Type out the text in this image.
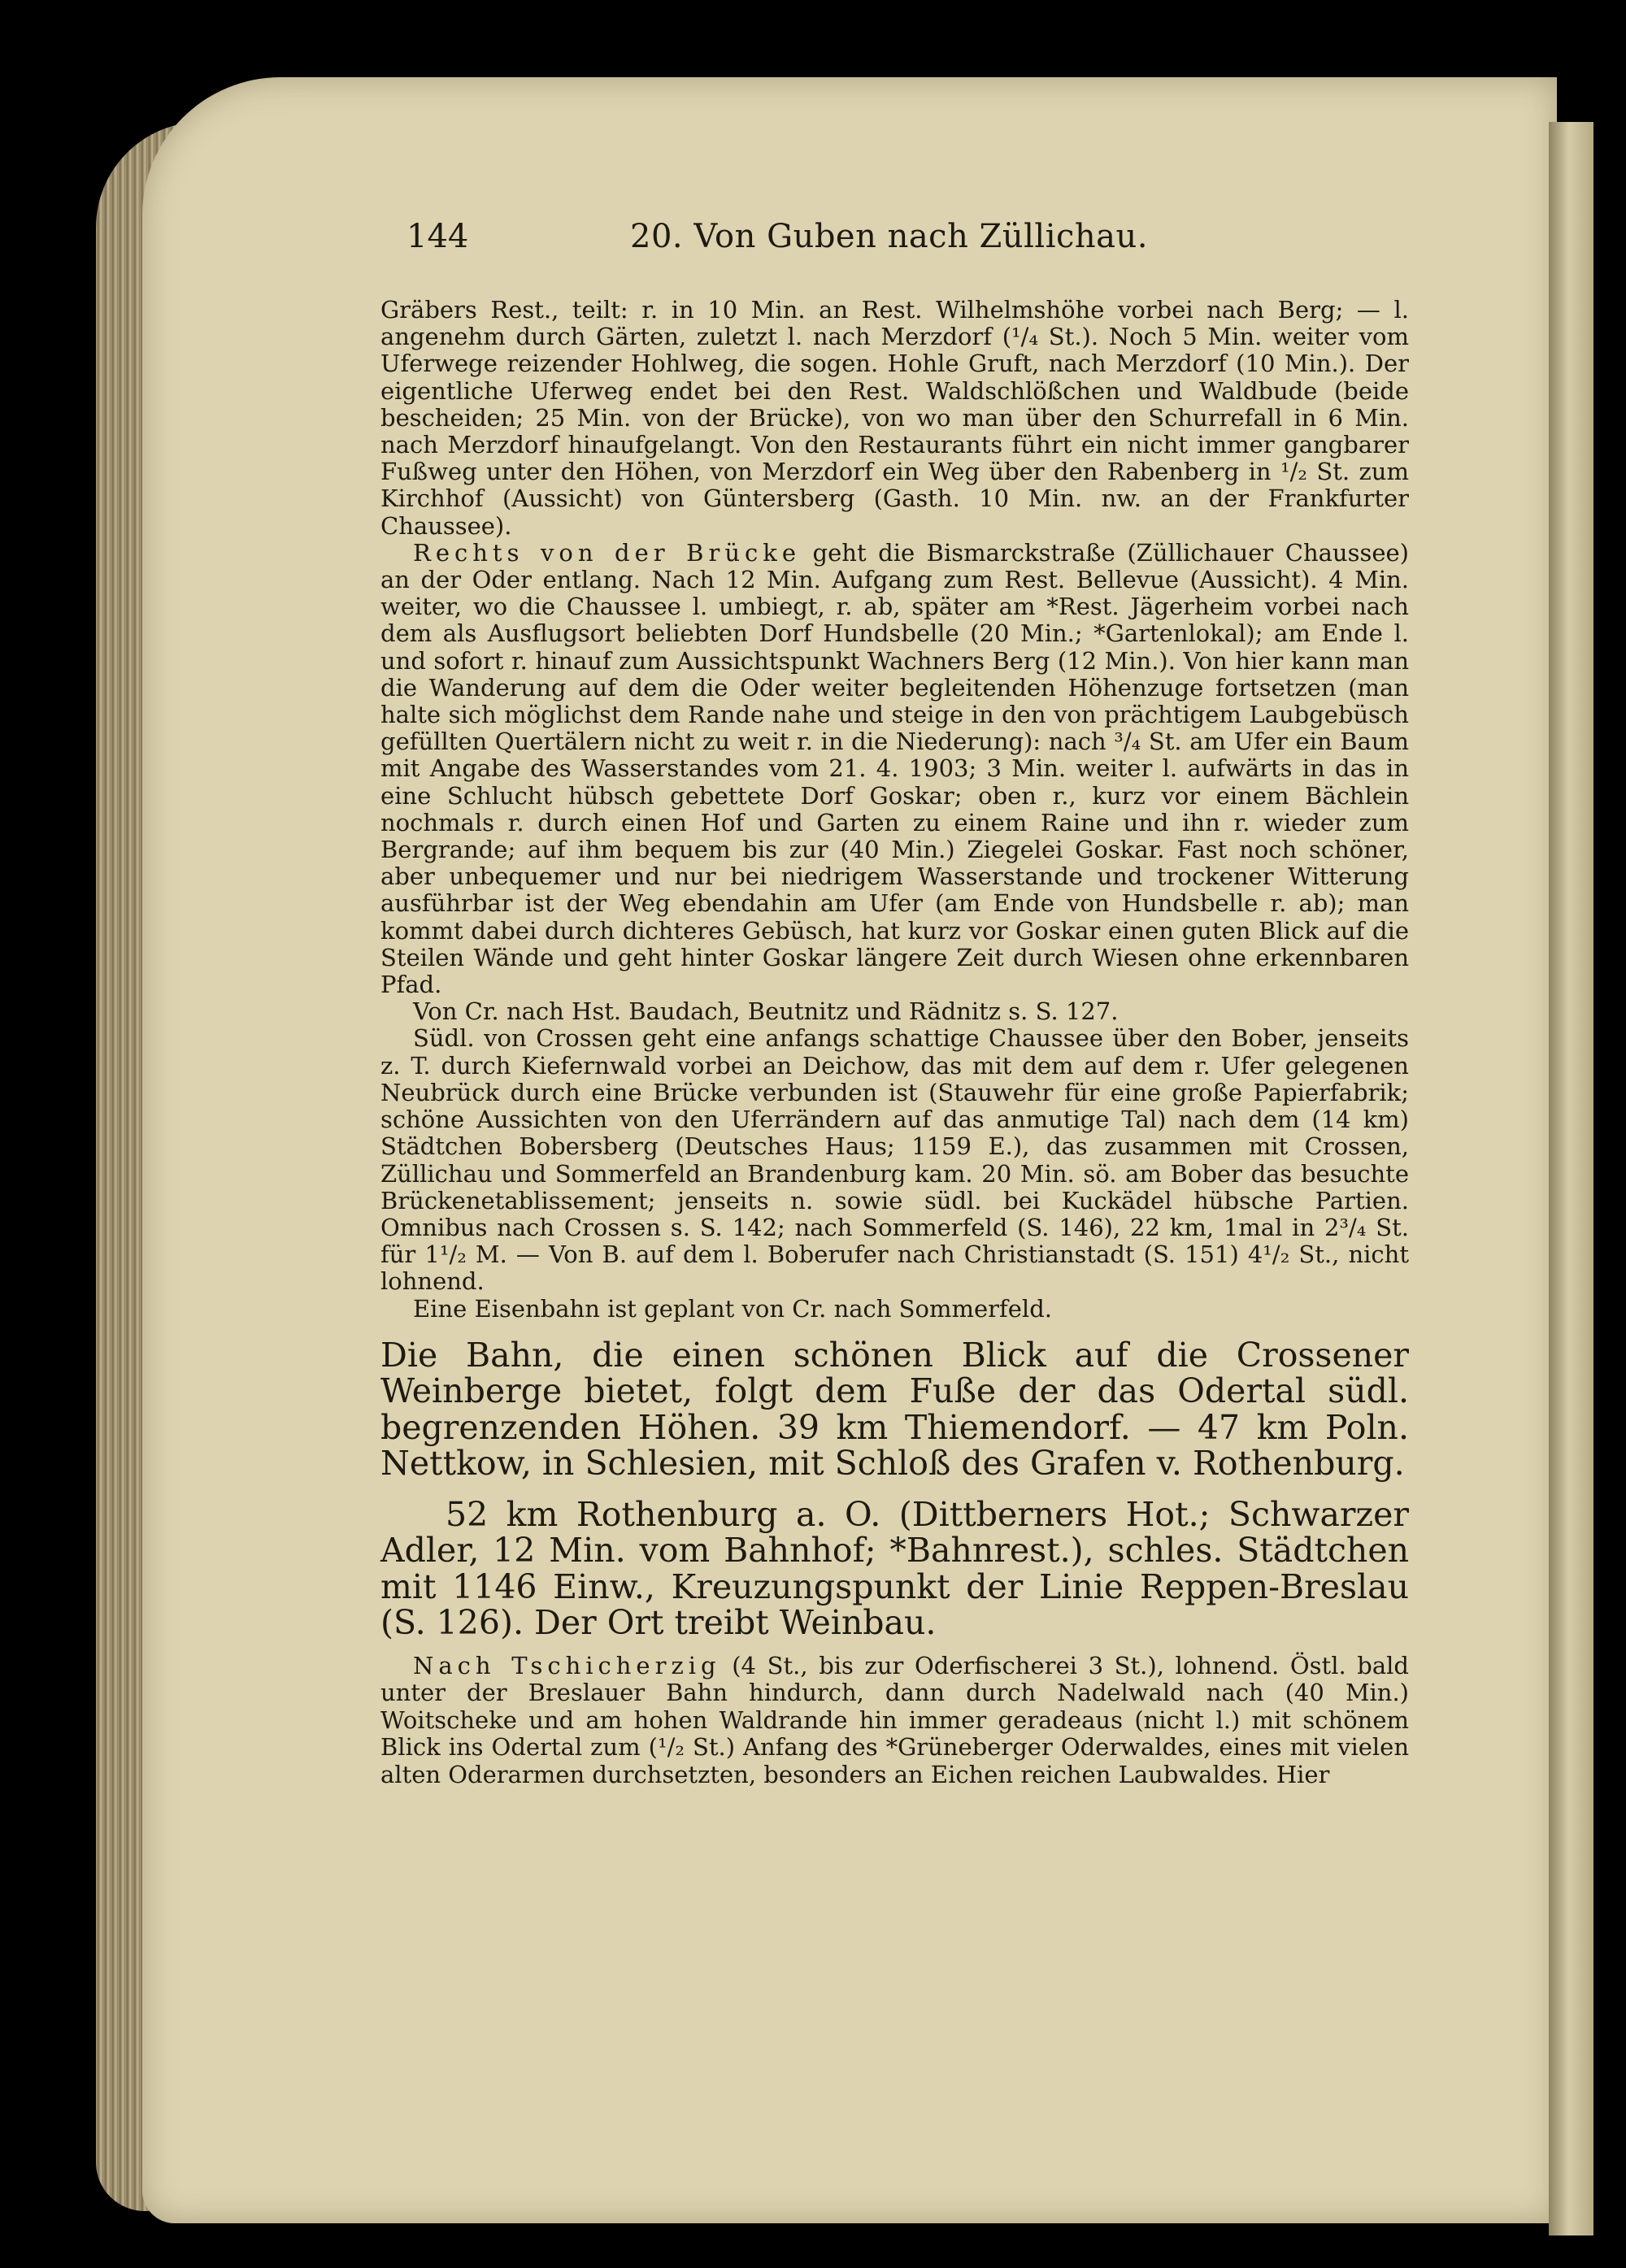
144	20. Von Guben nach Züllichau.

Gräbers Rest., teilt: r. in 10 Min. an Rest. Wilhelmshöhe vorbei nach Berg; — l. angenehm durch Gärten, zuletzt l. nach Merzdorf (¹/₄ St.). Noch 5 Min. weiter vom Uferwege reizender Hohlweg, die sogen. Hohle Gruft, nach Merzdorf (10 Min.). Der eigentliche Uferweg endet bei den Rest. Waldschlößchen und Waldbude (beide bescheiden; 25 Min. von der Brücke), von wo man über den Schurrefall in 6 Min. nach Merzdorf hinaufgelangt. Von den Restaurants führt ein nicht immer gangbarer Fußweg unter den Höhen, von Merzdorf ein Weg über den Rabenberg in ¹/₂ St. zum Kirchhof (Aussicht) von Güntersberg (Gasth. 10 Min. nw. an der Frankfurter Chaussee).

Rechts von der Brücke geht die Bismarckstraße (Züllichauer Chaussee) an der Oder entlang. Nach 12 Min. Aufgang zum Rest. Bellevue (Aussicht). 4 Min. weiter, wo die Chaussee l. umbiegt, r. ab, später am *Rest. Jägerheim vorbei nach dem als Ausflugsort beliebten Dorf Hundsbelle (20 Min.; *Gartenlokal); am Ende l. und sofort r. hinauf zum Aussichtspunkt Wachners Berg (12 Min.). Von hier kann man die Wanderung auf dem die Oder weiter begleitenden Höhenzuge fortsetzen (man halte sich möglichst dem Rande nahe und steige in den von prächtigem Laubgebüsch gefüllten Quertälern nicht zu weit r. in die Niederung): nach ³/₄ St. am Ufer ein Baum mit Angabe des Wasserstandes vom 21. 4. 1903; 3 Min. weiter l. aufwärts in das in eine Schlucht hübsch gebettete Dorf Goskar; oben r., kurz vor einem Bächlein nochmals r. durch einen Hof und Garten zu einem Raine und ihn r. wieder zum Bergrande; auf ihm bequem bis zur (40 Min.) Ziegelei Goskar. Fast noch schöner, aber unbequemer und nur bei niedrigem Wasserstande und trockener Witterung ausführbar ist der Weg ebendahin am Ufer (am Ende von Hundsbelle r. ab); man kommt dabei durch dichteres Gebüsch, hat kurz vor Goskar einen guten Blick auf die Steilen Wände und geht hinter Goskar längere Zeit durch Wiesen ohne erkennbaren Pfad.

Von Cr. nach Hst. Baudach, Beutnitz und Rädnitz s. S. 127.

Südl. von Crossen geht eine anfangs schattige Chaussee über den Bober, jenseits z. T. durch Kiefernwald vorbei an Deichow, das mit dem auf dem r. Ufer gelegenen Neubrück durch eine Brücke verbunden ist (Stauwehr für eine große Papierfabrik; schöne Aussichten von den Uferrändern auf das anmutige Tal) nach dem (14 km) Städtchen Bobersberg (Deutsches Haus; 1159 E.), das zusammen mit Crossen, Züllichau und Sommerfeld an Brandenburg kam. 20 Min. sö. am Bober das besuchte Brückenetablissement; jenseits n. sowie südl. bei Kuckädel hübsche Partien. Omnibus nach Crossen s. S. 142; nach Sommerfeld (S. 146), 22 km, 1mal in 2³/₄ St. für 1¹/₂ M. — Von B. auf dem l. Boberufer nach Christianstadt (S. 151) 4¹/₂ St., nicht lohnend.

Eine Eisenbahn ist geplant von Cr. nach Sommerfeld.

Die Bahn, die einen schönen Blick auf die Crossener Weinberge bietet, folgt dem Fuße der das Odertal südl. begrenzenden Höhen. 39 km Thiemendorf. — 47 km Poln. Nettkow, in Schlesien, mit Schloß des Grafen v. Rothenburg.

52 km Rothenburg a. O. (Dittberners Hot.; Schwarzer Adler, 12 Min. vom Bahnhof; *Bahnrest.), schles. Städtchen mit 1146 Einw., Kreuzungspunkt der Linie Reppen-Breslau (S. 126). Der Ort treibt Weinbau.

Nach Tschicherzig (4 St., bis zur Oderfischerei 3 St.), lohnend. Östl. bald unter der Breslauer Bahn hindurch, dann durch Nadelwald nach (40 Min.) Woitscheke und am hohen Waldrande hin immer geradeaus (nicht l.) mit schönem Blick ins Odertal zum (¹/₂ St.) Anfang des *Grüneberger Oderwaldes, eines mit vielen alten Oderarmen durchsetzten, besonders an Eichen reichen Laubwaldes. Hier
